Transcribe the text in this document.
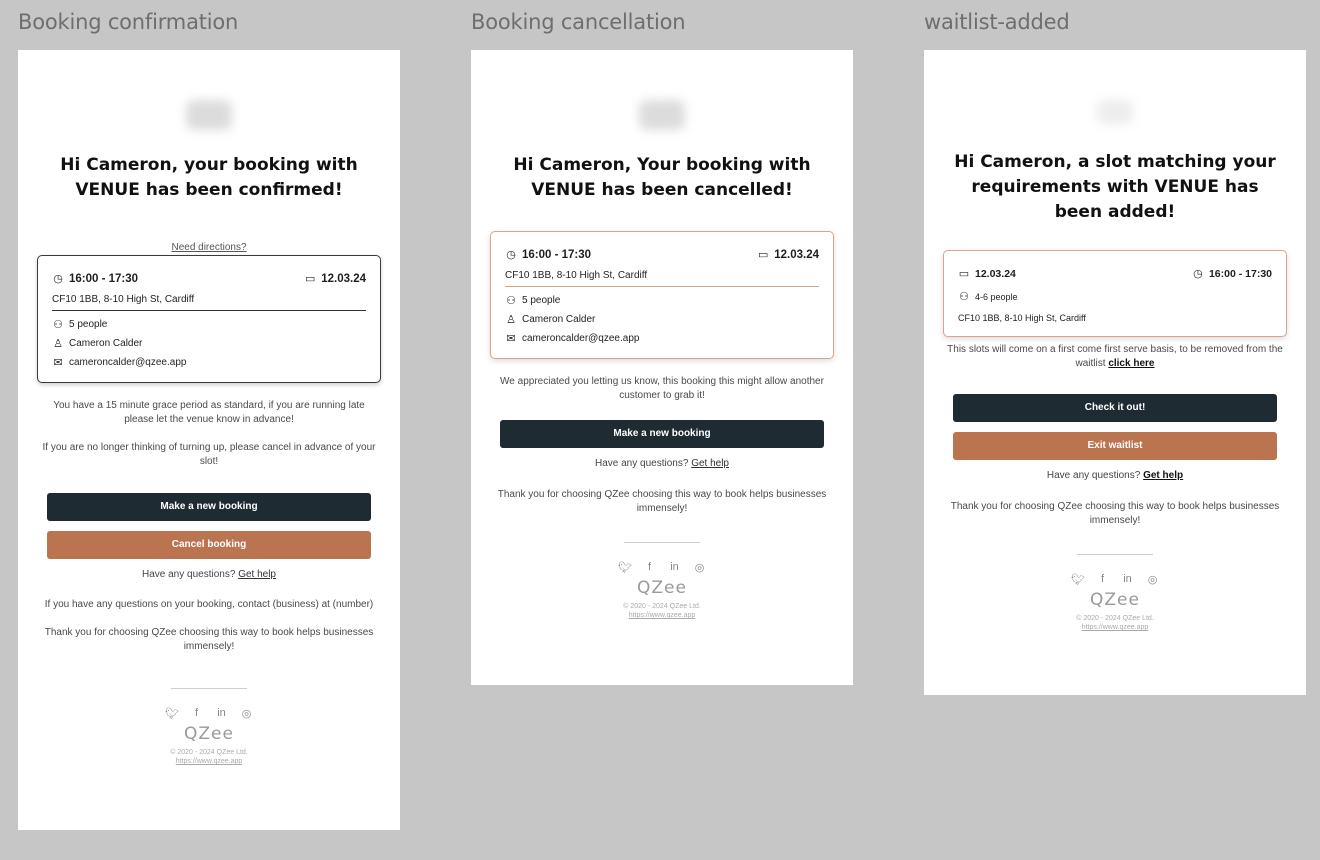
Booking confirmation	Booking cancellation	waitlist-added
Hi Cameron, your booking with VENUE has been confirmed!
Need directions?
◷ 16:00 - 17:30	▭ 12.03.24
CF10 1BB, 8-10 High St, Cardiff
⚇ 5 people
♙ Cameron Calder
✉ cameroncalder@qzee.app
You have a 15 minute grace period as standard, if you are running late please let the venue know in advance!
If you are no longer thinking of turning up, please cancel in advance of your slot!
Make a new booking
Cancel booking
Have any questions? Get help
If you have any questions on your booking, contact (business) at (number)
Thank you for choosing QZee choosing this way to book helps businesses immensely!
🐦︎	f	in ◎
QZee
© 2020 - 2024 QZee Ltd.
https://www.qzee.app
Hi Cameron, Your booking with VENUE has been cancelled!
◷ 16:00 - 17:30	▭ 12.03.24
CF10 1BB, 8-10 High St, Cardiff
⚇ 5 people
♙ Cameron Calder
✉ cameroncalder@qzee.app
We appreciated you letting us know, this booking this might allow another customer to grab it!
Make a new booking
Have any questions? Get help
Thank you for choosing QZee choosing this way to book helps businesses immensely!
🐦︎	f	in ◎
QZee
© 2020 - 2024 QZee Ltd.
https://www.qzee.app
Hi Cameron, a slot matching your requirements with VENUE has been added!
▭ 12.03.24	◷ 16:00 - 17:30
⚇ 4-6 people
CF10 1BB, 8-10 High St, Cardiff
This slots will come on a first come first serve basis, to be removed from the waitlist click here
Check it out!
Exit waitlist
Have any questions? Get help
Thank you for choosing QZee choosing this way to book helps businesses immensely!
🐦︎	f	in ◎
QZee
© 2020 - 2024 QZee Ltd.
https://www.qzee.app
